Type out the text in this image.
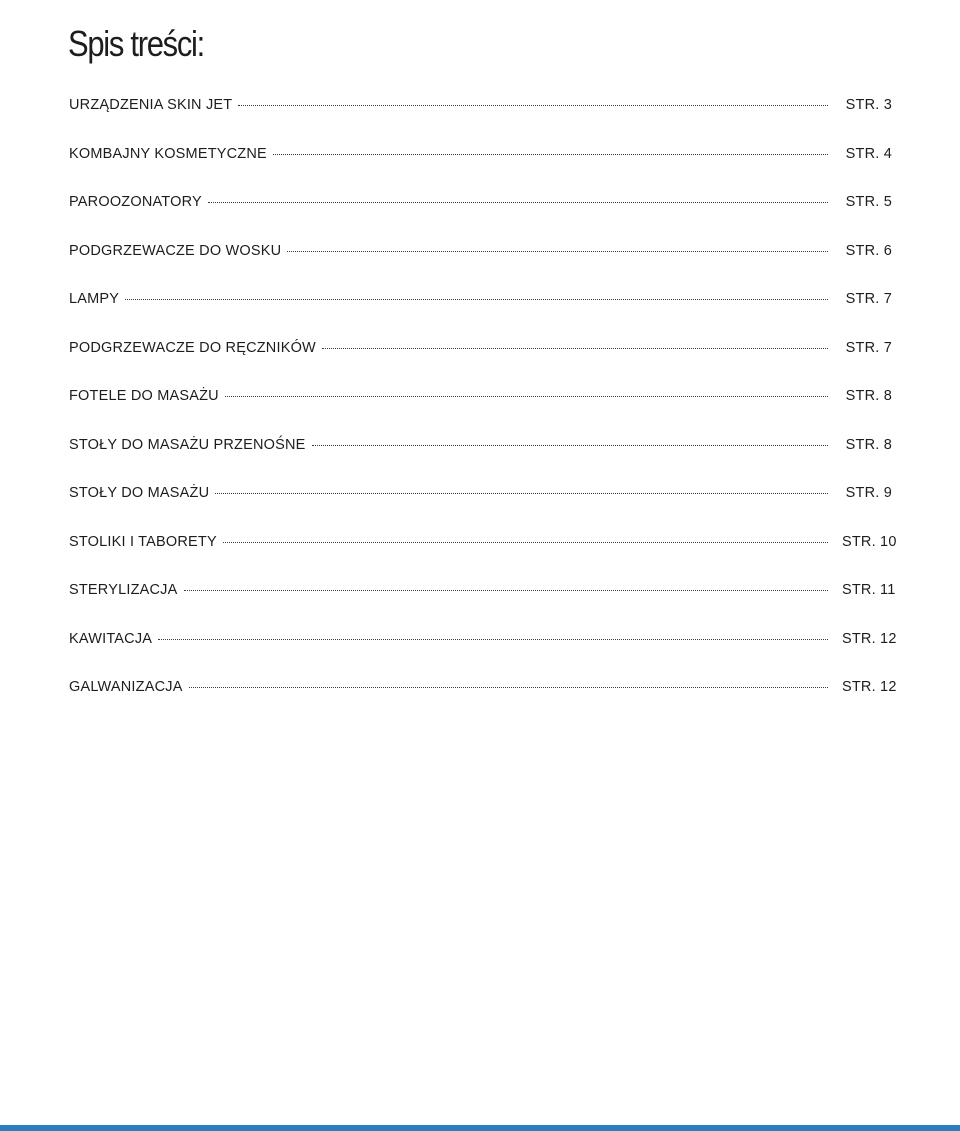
Spis treści:
URZĄDZENIA SKIN JET	STR. 3
KOMBAJNY KOSMETYCZNE	STR. 4
PAROOZONATORY	STR. 5
PODGRZEWACZE DO WOSKU	STR. 6
LAMPY	STR. 7
PODGRZEWACZE DO RĘCZNIKÓW	STR. 7
FOTELE DO MASAŻU	STR. 8
STOŁY DO MASAŻU PRZENOŚNE	STR. 8
STOŁY DO MASAŻU	STR. 9
STOLIKI I TABORETY	STR. 10
STERYLIZACJA	STR. 11
KAWITACJA	STR. 12
GALWANIZACJA	STR. 12
